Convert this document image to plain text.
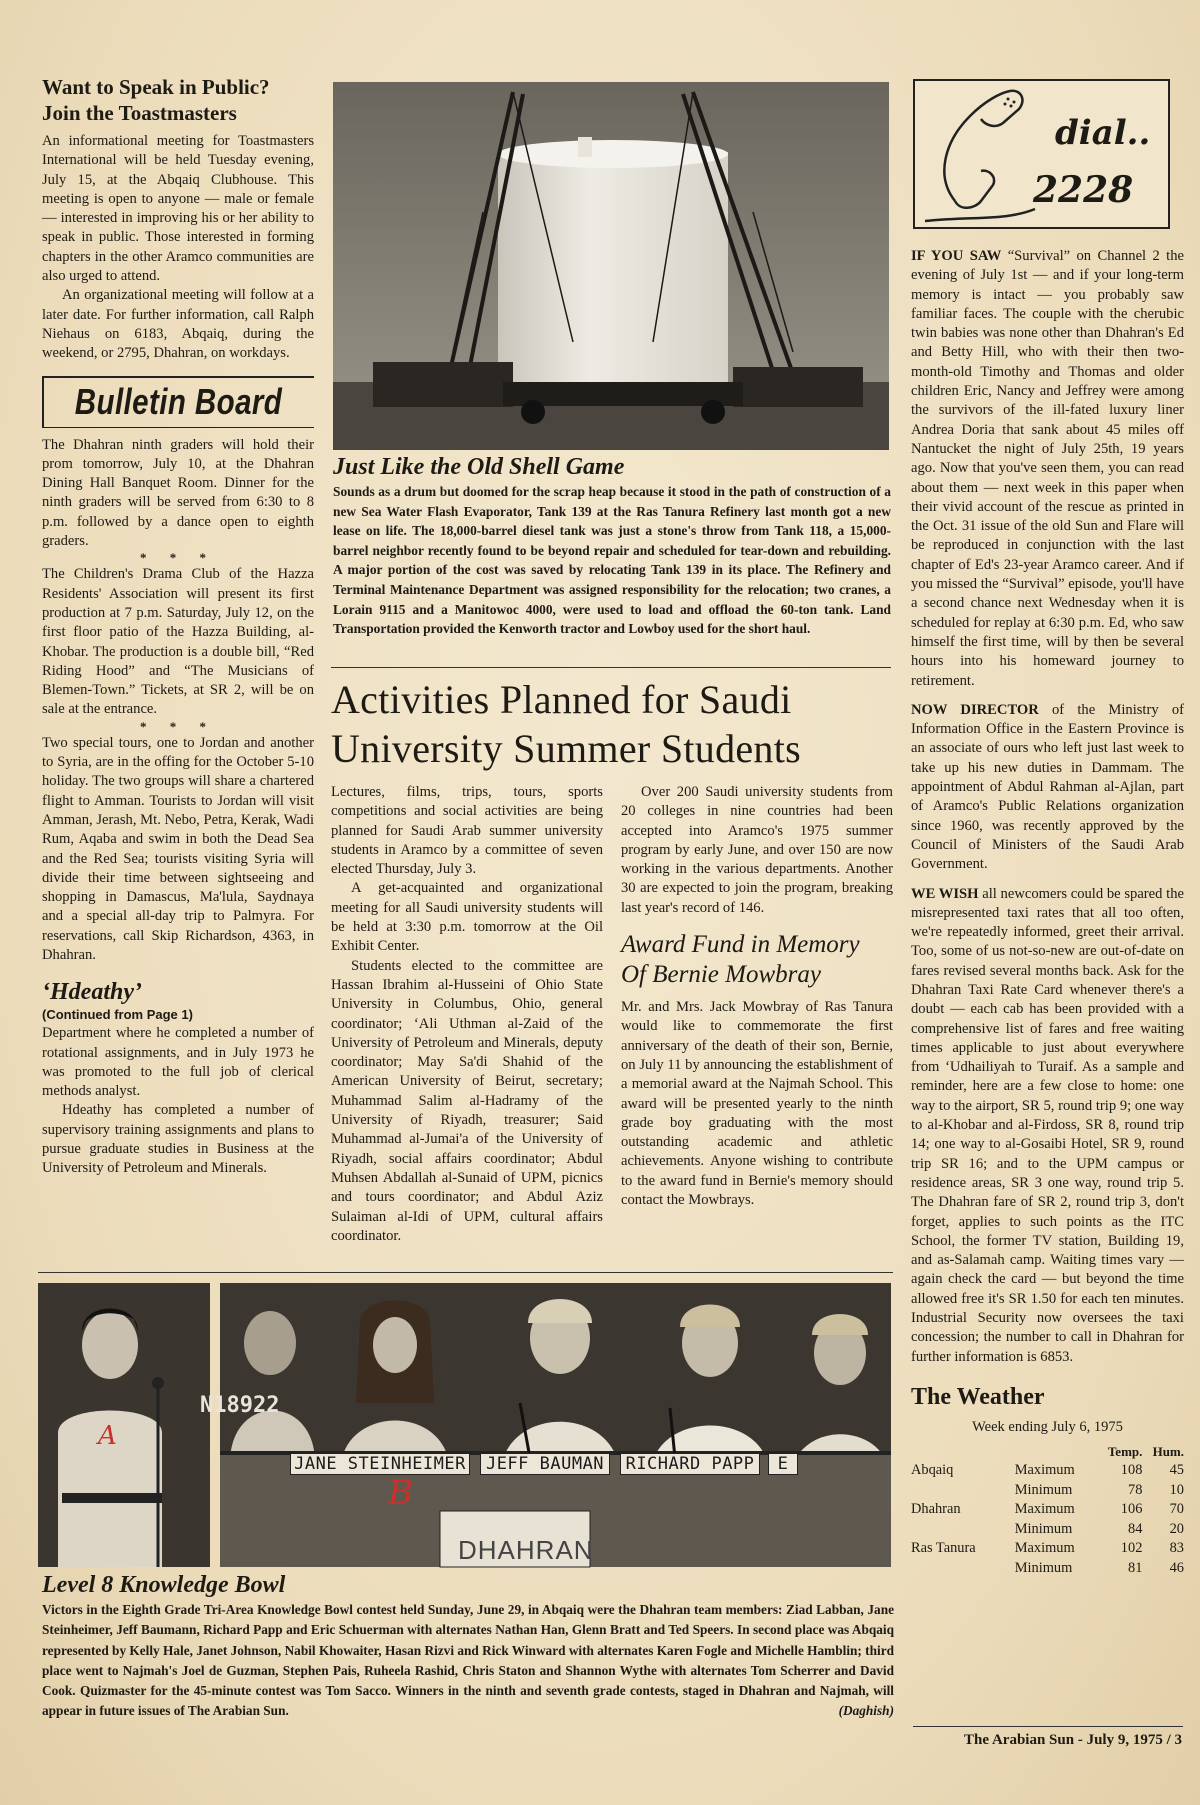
Want to Speak in Public?
Join the Toastmasters

An informational meeting for Toastmasters International will be held Tuesday evening, July 15, at the Abqaiq Clubhouse. This meeting is open to anyone — male or female — interested in improving his or her ability to speak in public. Those interested in forming chapters in the other Aramco communities are also urged to attend.

An organizational meeting will follow at a later date. For further information, call Ralph Niehaus on 6183, Abqaiq, during the weekend, or 2795, Dhahran, on workdays.

Bulletin Board

The Dhahran ninth graders will hold their prom tomorrow, July 10, at the Dhahran Dining Hall Banquet Room. Dinner for the ninth graders will be served from 6:30 to 8 p.m. followed by a dance open to eighth graders.

* * *

The Children's Drama Club of the Hazza Residents' Association will present its first production at 7 p.m. Saturday, July 12, on the first floor patio of the Hazza Building, al-Khobar. The production is a double bill, “Red Riding Hood” and “The Musicians of Blemen-Town.” Tickets, at SR 2, will be on sale at the entrance.

* * *

Two special tours, one to Jordan and another to Syria, are in the offing for the October 5-10 holiday. The two groups will share a chartered flight to Amman. Tourists to Jordan will visit Amman, Jerash, Mt. Nebo, Petra, Kerak, Wadi Rum, Aqaba and swim in both the Dead Sea and the Red Sea; tourists visiting Syria will divide their time between sightseeing and shopping in Damascus, Ma'lula, Saydnaya and a special all-day trip to Palmyra. For reservations, call Skip Richardson, 4363, in Dhahran.

‘Hdeathy’
(Continued from Page 1)

Department where he completed a number of rotational assignments, and in July 1973 he was promoted to the full job of clerical methods analyst.

Hdeathy has completed a number of supervisory training assignments and plans to pursue graduate studies in Business at the University of Petroleum and Minerals.

Just Like the Old Shell Game
Sounds as a drum but doomed for the scrap heap because it stood in the path of construction of a new Sea Water Flash Evaporator, Tank 139 at the Ras Tanura Refinery last month got a new lease on life. The 18,000-barrel diesel tank was just a stone's throw from Tank 118, a 15,000-barrel neighbor recently found to be beyond repair and scheduled for tear-down and rebuilding. A major portion of the cost was saved by relocating Tank 139 in its place. The Refinery and Terminal Maintenance Department was assigned responsibility for the relocation; two cranes, a Lorain 9115 and a Manitowoc 4000, were used to load and offload the 60-ton tank. Land Transportation provided the Kenworth tractor and Lowboy used for the short haul.
Activities Planned for Saudi
University Summer Students

Lectures, films, trips, tours, sports competitions and social activities are being planned for Saudi Arab summer university students in Aramco by a committee of seven elected Thursday, July 3.

A get-acquainted and organizational meeting for all Saudi university students will be held at 3:30 p.m. tomorrow at the Oil Exhibit Center.

Students elected to the committee are Hassan Ibrahim al-Husseini of Ohio State University in Columbus, Ohio, general coordinator; ‘Ali Uthman al-Zaid of the University of Petroleum and Minerals, deputy coordinator; May Sa'di Shahid of the American University of Beirut, secretary; Muhammad Salim al-Hadramy of the University of Riyadh, treasurer; Said Muhammad al-Jumai'a of the University of Riyadh, social affairs coordinator; Abdul Muhsen Abdallah al-Sunaid of UPM, picnics and tours coordinator; and Abdul Aziz Sulaiman al-Idi of UPM, cultural affairs coordinator.

Over 200 Saudi university students from 20 colleges in nine countries had been accepted into Aramco's 1975 summer program by early June, and over 150 are now working in the various departments. Another 30 are expected to join the program, breaking last year's record of 146.

Award Fund in Memory
Of Bernie Mowbray
Mr. and Mrs. Jack Mowbray of Ras Tanura would like to commemorate the first anniversary of the death of their son, Bernie, on July 11 by announcing the establishment of a memorial award at the Najmah School. This award will be presented yearly to the ninth grade boy graduating with the most outstanding academic and athletic achievements. Anyone wishing to contribute to the award fund in Bernie's memory should contact the Mowbrays.
dial..
2228
IF YOU SAW “Survival” on Channel 2 the evening of July 1st — and if your long-term memory is intact — you probably saw familiar faces. The couple with the cherubic twin babies was none other than Dhahran's Ed and Betty Hill, who with their then two-month-old Timothy and Thomas and older children Eric, Nancy and Jeffrey were among the survivors of the ill-fated luxury liner Andrea Doria that sank about 45 miles off Nantucket the night of July 25th, 19 years ago. Now that you've seen them, you can read about them — next week in this paper when their vivid account of the rescue as printed in the Oct. 31 issue of the old Sun and Flare will be reproduced in conjunction with the last chapter of Ed's 23-year Aramco career. And if you missed the “Survival” episode, you'll have a second chance next Wednesday when it is scheduled for replay at 6:30 p.m. Ed, who saw himself the first time, will by then be several hours into his homeward journey to retirement.
NOW DIRECTOR of the Ministry of Information Office in the Eastern Province is an associate of ours who left just last week to take up his new duties in Dammam. The appointment of Abdul Rahman al-Ajlan, part of Aramco's Public Relations organization since 1960, was recently approved by the Council of Ministers of the Saudi Arab Government.
WE WISH all newcomers could be spared the misrepresented taxi rates that all too often, we're repeatedly informed, greet their arrival. Too, some of us not-so-new are out-of-date on fares revised several months back. Ask for the Dhahran Taxi Rate Card whenever there's a doubt — each cab has been provided with a comprehensive list of fares and free waiting times applicable to just about everywhere from ‘Udhailiyah to Turaif. As a sample and reminder, here are a few close to home: one way to the airport, SR 5, round trip 9; one way to al-Khobar and al-Firdoss, SR 8, round trip 14; one way to al-Gosaibi Hotel, SR 9, round trip SR 16; and to the UPM campus or residence areas, SR 3 one way, round trip 5. The Dhahran fare of SR 2, round trip 3, don't forget, applies to such points as the ITC School, the former TV station, Building 19, and as-Salamah camp. Waiting times vary — again check the card — but beyond the time allowed free it's SR 1.50 for each ten minutes. Industrial Security now oversees the taxi concession; the number to call in Dhahran for further information is 6853.
The Weather
Week ending July 6, 1975
		Temp.	Hum.
Abqaiq	Maximum	108	45
	Minimum	78	10
Dhahran	Maximum	106	70
	Minimum	84	20
Ras Tanura	Maximum	102	83
	Minimum	81	46
A
N18922
JANE STEINHEIMER	JEFF BAUMAN	RICHARD PAPP	E
DHAHRAN
B
Level 8 Knowledge Bowl
Victors in the Eighth Grade Tri-Area Knowledge Bowl contest held Sunday, June 29, in Abqaiq were the Dhahran team members: Ziad Labban, Jane Steinheimer, Jeff Baumann, Richard Papp and Eric Schuerman with alternates Nathan Han, Glenn Bratt and Ted Speers. In second place was Abqaiq represented by Kelly Hale, Janet Johnson, Nabil Khowaiter, Hasan Rizvi and Rick Winward with alternates Karen Fogle and Michelle Hamblin; third place went to Najmah's Joel de Guzman, Stephen Pais, Ruheela Rashid, Chris Staton and Shannon Wythe with alternates Tom Scherrer and David Cook. Quizmaster for the 45-minute contest was Tom Sacco. Winners in the ninth and seventh grade contests, staged in Dhahran and Najmah, will appear in future issues of The Arabian Sun.	(Daghish)
The Arabian Sun - July 9, 1975 / 3
